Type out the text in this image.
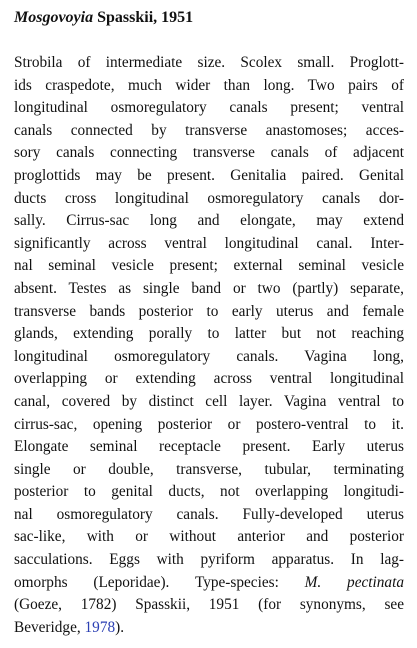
Mosgovoyia Spasskii, 1951
Strobila of intermediate size. Scolex small. Proglott-
ids craspedote, much wider than long. Two pairs of
longitudinal osmoregulatory canals present; ventral
canals connected by transverse anastomoses; acces-
sory canals connecting transverse canals of adjacent
proglottids may be present. Genitalia paired. Genital
ducts cross longitudinal osmoregulatory canals dor-
sally. Cirrus-sac long and elongate, may extend
significantly across ventral longitudinal canal. Inter-
nal seminal vesicle present; external seminal vesicle
absent. Testes as single band or two (partly) separate,
transverse bands posterior to early uterus and female
glands, extending porally to latter but not reaching
longitudinal osmoregulatory canals. Vagina long,
overlapping or extending across ventral longitudinal
canal, covered by distinct cell layer. Vagina ventral to
cirrus-sac, opening posterior or postero-ventral to it.
Elongate seminal receptacle present. Early uterus
single or double, transverse, tubular, terminating
posterior to genital ducts, not overlapping longitudi-
nal osmoregulatory canals. Fully-developed uterus
sac-like, with or without anterior and posterior
sacculations. Eggs with pyriform apparatus. In lag-
omorphs (Leporidae). Type-species: M. pectinata
(Goeze, 1782) Spasskii, 1951 (for synonyms, see
Beveridge, 1978).
